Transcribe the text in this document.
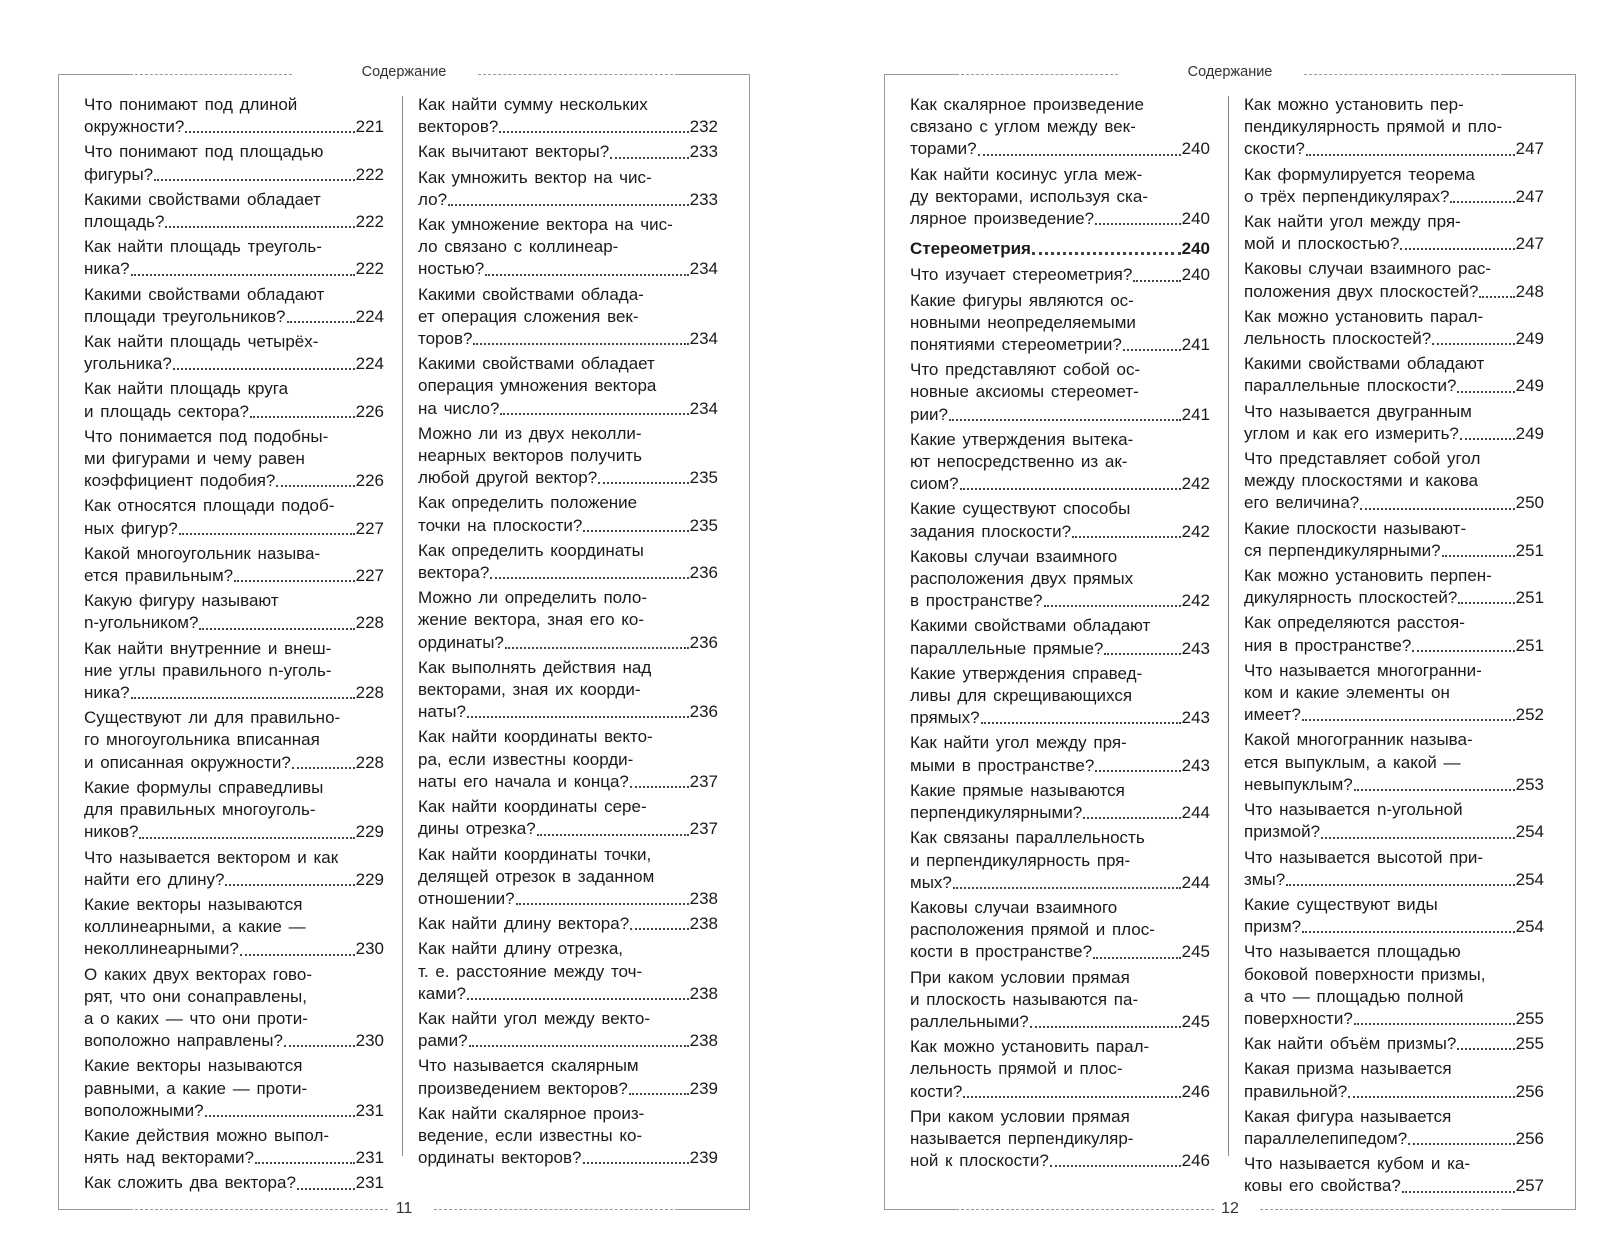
Содержание
Что понимают под длиной
окружности?	221
Что понимают под площадью
фигуры?	222
Какими свойствами обладает
площадь?	222
Как найти площадь треуголь-
ника?	222
Какими свойствами обладают
площади треугольников?	224
Как найти площадь четырёх-
угольника?	224
Как найти площадь круга
и площадь сектора?	226
Что понимается под подобны-
ми фигурами и чему равен
коэффициент подобия?	226
Как относятся площади подоб-
ных фигур?	227
Какой многоугольник называ-
ется правильным?	227
Какую фигуру называют
n-угольником?	228
Как найти внутренние и внеш-
ние углы правильного n-уголь-
ника?	228
Существуют ли для правильно-
го многоугольника вписанная
и описанная окружности?	228
Какие формулы справедливы
для правильных многоуголь-
ников?	229
Что называется вектором и как
найти его длину?	229
Какие векторы называются
коллинеарными, а какие —
неколлинеарными?	230
О каких двух векторах гово-
рят, что они сонаправлены,
а о каких — что они проти-
воположно направлены?	230
Какие векторы называются
равными, а какие — проти-
воположными?	231
Какие действия можно выпол-
нять над векторами?	231
Как сложить два вектора?	231
Как найти сумму нескольких
векторов?	232
Как вычитают векторы?	233
Как умножить вектор на чис-
ло?	233
Как умножение вектора на чис-
ло связано с коллинеар-
ностью?	234
Какими свойствами облада-
ет операция сложения век-
торов?	234
Какими свойствами обладает
операция умножения вектора
на число?	234
Можно ли из двух неколли-
неарных векторов получить
любой другой вектор?	235
Как определить положение
точки на плоскости?	235
Как определить координаты
вектора?	236
Можно ли определить поло-
жение вектора, зная его ко-
ординаты?	236
Как выполнять действия над
векторами, зная их коорди-
наты?	236
Как найти координаты векто-
ра, если известны коорди-
наты его начала и конца?	237
Как найти координаты сере-
дины отрезка?	237
Как найти координаты точки,
делящей отрезок в заданном
отношении?	238
Как найти длину вектора?	238
Как найти длину отрезка,
т. е. расстояние между точ-
ками?	238
Как найти угол между векто-
рами?	238
Что называется скалярным
произведением векторов?	239
Как найти скалярное произ-
ведение, если известны ко-
ординаты векторов?	239
11
Содержание
Как скалярное произведение
связано с углом между век-
торами?	240
Как найти косинус угла меж-
ду векторами, используя ска-
лярное произведение?	240
Стереометрия	240
Что изучает стереометрия?	240
Какие фигуры являются ос-
новными неопределяемыми
понятиями стереометрии?	241
Что представляют собой ос-
новные аксиомы стереомет-
рии?	241
Какие утверждения вытека-
ют непосредственно из ак-
сиом?	242
Какие существуют способы
задания плоскости?	242
Каковы случаи взаимного
расположения двух прямых
в пространстве?	242
Какими свойствами обладают
параллельные прямые?	243
Какие утверждения справед-
ливы для скрещивающихся
прямых?	243
Как найти угол между пря-
мыми в пространстве?	243
Какие прямые называются
перпендикулярными?	244
Как связаны параллельность
и перпендикулярность пря-
мых?	244
Каковы случаи взаимного
расположения прямой и плос-
кости в пространстве?	245
При каком условии прямая
и плоскость называются па-
раллельными?	245
Как можно установить парал-
лельность прямой и плос-
кости?	246
При каком условии прямая
называется перпендикуляр-
ной к плоскости?	246
Как можно установить пер-
пендикулярность прямой и пло-
скости?	247
Как формулируется теорема
о трёх перпендикулярах?	247
Как найти угол между пря-
мой и плоскостью?	247
Каковы случаи взаимного рас-
положения двух плоскостей? 248
Как можно установить парал-
лельность плоскостей?	249
Какими свойствами обладают
параллельные плоскости?	249
Что называется двугранным
углом и как его измерить?	249
Что представляет собой угол
между плоскостями и какова
его величина?	250
Какие плоскости называют-
ся перпендикулярными?	251
Как можно установить перпен-
дикулярность плоскостей?	251
Как определяются расстоя-
ния в пространстве?	251
Что называется многогранни-
ком и какие элементы он
имеет?	252
Какой многогранник называ-
ется выпуклым, а какой —
невыпуклым?	253
Что называется n-угольной
призмой?	254
Что называется высотой при-
змы?	254
Какие существуют виды
призм?	254
Что называется площадью
боковой поверхности призмы,
а что — площадью полной
поверхности?	255
Как найти объём призмы?	255
Какая призма называется
правильной?	256
Какая фигура называется
параллелепипедом?	256
Что называется кубом и ка-
ковы его свойства?	257
12
